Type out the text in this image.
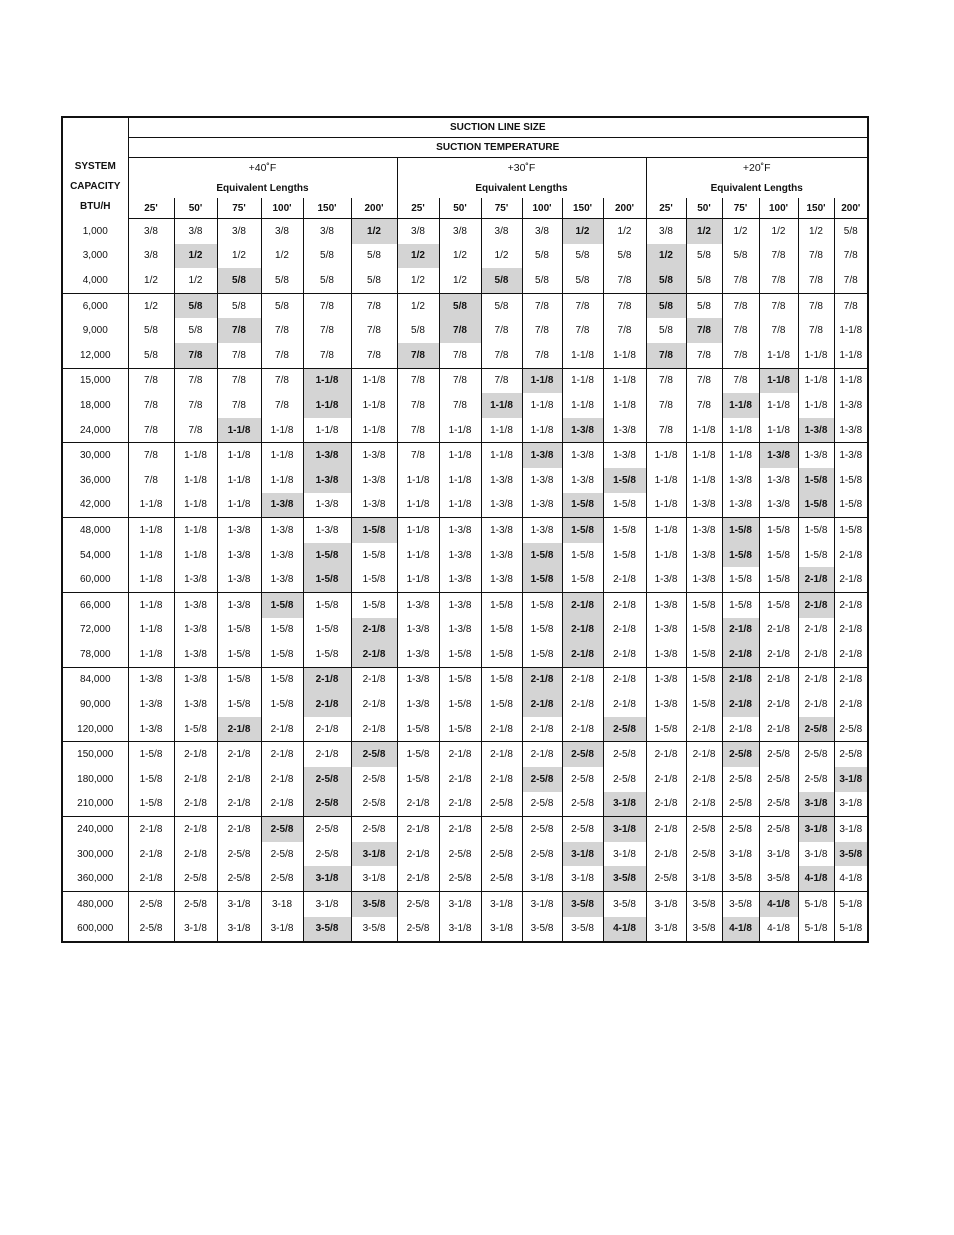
SYSTEM
CAPACITY
BTU/H	SUCTION LINE SIZE																	
	SUCTION TEMPERATURE																	
	+40˚F						+30˚F						+20˚F					
	Equivalent Lengths						Equivalent Lengths						Equivalent Lengths					
	25'	50'	75'	100'	150'	200'	25'	50'	75'	100'	150'	200'	25'	50'	75'	100'	150'	200'
1,000	3/8	3/8	3/8	3/8	3/8	1/2	3/8	3/8	3/8	3/8	1/2	1/2	3/8	1/2	1/2	1/2	1/2	5/8
3,000	3/8	1/2	1/2	1/2	5/8	5/8	1/2	1/2	1/2	5/8	5/8	5/8	1/2	5/8	5/8	7/8	7/8	7/8
4,000	1/2	1/2	5/8	5/8	5/8	5/8	1/2	1/2	5/8	5/8	5/8	7/8	5/8	5/8	7/8	7/8	7/8	7/8
6,000	1/2	5/8	5/8	5/8	7/8	7/8	1/2	5/8	5/8	7/8	7/8	7/8	5/8	5/8	7/8	7/8	7/8	7/8
9,000	5/8	5/8	7/8	7/8	7/8	7/8	5/8	7/8	7/8	7/8	7/8	7/8	5/8	7/8	7/8	7/8	7/8	1-1/8
12,000	5/8	7/8	7/8	7/8	7/8	7/8	7/8	7/8	7/8	7/8	1-1/8	1-1/8	7/8	7/8	7/8	1-1/8	1-1/8	1-1/8
15,000	7/8	7/8	7/8	7/8	1-1/8	1-1/8	7/8	7/8	7/8	1-1/8	1-1/8	1-1/8	7/8	7/8	7/8	1-1/8	1-1/8	1-1/8
18,000	7/8	7/8	7/8	7/8	1-1/8	1-1/8	7/8	7/8	1-1/8	1-1/8	1-1/8	1-1/8	7/8	7/8	1-1/8	1-1/8	1-1/8	1-3/8
24,000	7/8	7/8	1-1/8	1-1/8	1-1/8	1-1/8	7/8	1-1/8	1-1/8	1-1/8	1-3/8	1-3/8	7/8	1-1/8	1-1/8	1-1/8	1-3/8	1-3/8
30,000	7/8	1-1/8	1-1/8	1-1/8	1-3/8	1-3/8	7/8	1-1/8	1-1/8	1-3/8	1-3/8	1-3/8	1-1/8	1-1/8	1-1/8	1-3/8	1-3/8	1-3/8
36,000	7/8	1-1/8	1-1/8	1-1/8	1-3/8	1-3/8	1-1/8	1-1/8	1-3/8	1-3/8	1-3/8	1-5/8	1-1/8	1-1/8	1-3/8	1-3/8	1-5/8	1-5/8
42,000	1-1/8	1-1/8	1-1/8	1-3/8	1-3/8	1-3/8	1-1/8	1-1/8	1-3/8	1-3/8	1-5/8	1-5/8	1-1/8	1-3/8	1-3/8	1-3/8	1-5/8	1-5/8
48,000	1-1/8	1-1/8	1-3/8	1-3/8	1-3/8	1-5/8	1-1/8	1-3/8	1-3/8	1-3/8	1-5/8	1-5/8	1-1/8	1-3/8	1-5/8	1-5/8	1-5/8	1-5/8
54,000	1-1/8	1-1/8	1-3/8	1-3/8	1-5/8	1-5/8	1-1/8	1-3/8	1-3/8	1-5/8	1-5/8	1-5/8	1-1/8	1-3/8	1-5/8	1-5/8	1-5/8	2-1/8
60,000	1-1/8	1-3/8	1-3/8	1-3/8	1-5/8	1-5/8	1-1/8	1-3/8	1-3/8	1-5/8	1-5/8	2-1/8	1-3/8	1-3/8	1-5/8	1-5/8	2-1/8	2-1/8
66,000	1-1/8	1-3/8	1-3/8	1-5/8	1-5/8	1-5/8	1-3/8	1-3/8	1-5/8	1-5/8	2-1/8	2-1/8	1-3/8	1-5/8	1-5/8	1-5/8	2-1/8	2-1/8
72,000	1-1/8	1-3/8	1-5/8	1-5/8	1-5/8	2-1/8	1-3/8	1-3/8	1-5/8	1-5/8	2-1/8	2-1/8	1-3/8	1-5/8	2-1/8	2-1/8	2-1/8	2-1/8
78,000	1-1/8	1-3/8	1-5/8	1-5/8	1-5/8	2-1/8	1-3/8	1-5/8	1-5/8	1-5/8	2-1/8	2-1/8	1-3/8	1-5/8	2-1/8	2-1/8	2-1/8	2-1/8
84,000	1-3/8	1-3/8	1-5/8	1-5/8	2-1/8	2-1/8	1-3/8	1-5/8	1-5/8	2-1/8	2-1/8	2-1/8	1-3/8	1-5/8	2-1/8	2-1/8	2-1/8	2-1/8
90,000	1-3/8	1-3/8	1-5/8	1-5/8	2-1/8	2-1/8	1-3/8	1-5/8	1-5/8	2-1/8	2-1/8	2-1/8	1-3/8	1-5/8	2-1/8	2-1/8	2-1/8	2-1/8
120,000	1-3/8	1-5/8	2-1/8	2-1/8	2-1/8	2-1/8	1-5/8	1-5/8	2-1/8	2-1/8	2-1/8	2-5/8	1-5/8	2-1/8	2-1/8	2-1/8	2-5/8	2-5/8
150,000	1-5/8	2-1/8	2-1/8	2-1/8	2-1/8	2-5/8	1-5/8	2-1/8	2-1/8	2-1/8	2-5/8	2-5/8	2-1/8	2-1/8	2-5/8	2-5/8	2-5/8	2-5/8
180,000	1-5/8	2-1/8	2-1/8	2-1/8	2-5/8	2-5/8	1-5/8	2-1/8	2-1/8	2-5/8	2-5/8	2-5/8	2-1/8	2-1/8	2-5/8	2-5/8	2-5/8	3-1/8
210,000	1-5/8	2-1/8	2-1/8	2-1/8	2-5/8	2-5/8	2-1/8	2-1/8	2-5/8	2-5/8	2-5/8	3-1/8	2-1/8	2-1/8	2-5/8	2-5/8	3-1/8	3-1/8
240,000	2-1/8	2-1/8	2-1/8	2-5/8	2-5/8	2-5/8	2-1/8	2-1/8	2-5/8	2-5/8	2-5/8	3-1/8	2-1/8	2-5/8	2-5/8	2-5/8	3-1/8	3-1/8
300,000	2-1/8	2-1/8	2-5/8	2-5/8	2-5/8	3-1/8	2-1/8	2-5/8	2-5/8	2-5/8	3-1/8	3-1/8	2-1/8	2-5/8	3-1/8	3-1/8	3-1/8	3-5/8
360,000	2-1/8	2-5/8	2-5/8	2-5/8	3-1/8	3-1/8	2-1/8	2-5/8	2-5/8	3-1/8	3-1/8	3-5/8	2-5/8	3-1/8	3-5/8	3-5/8	4-1/8	4-1/8
480,000	2-5/8	2-5/8	3-1/8	3-18	3-1/8	3-5/8	2-5/8	3-1/8	3-1/8	3-1/8	3-5/8	3-5/8	3-1/8	3-5/8	3-5/8	4-1/8	5-1/8	5-1/8
600,000	2-5/8	3-1/8	3-1/8	3-1/8	3-5/8	3-5/8	2-5/8	3-1/8	3-1/8	3-5/8	3-5/8	4-1/8	3-1/8	3-5/8	4-1/8	4-1/8	5-1/8	5-1/8
